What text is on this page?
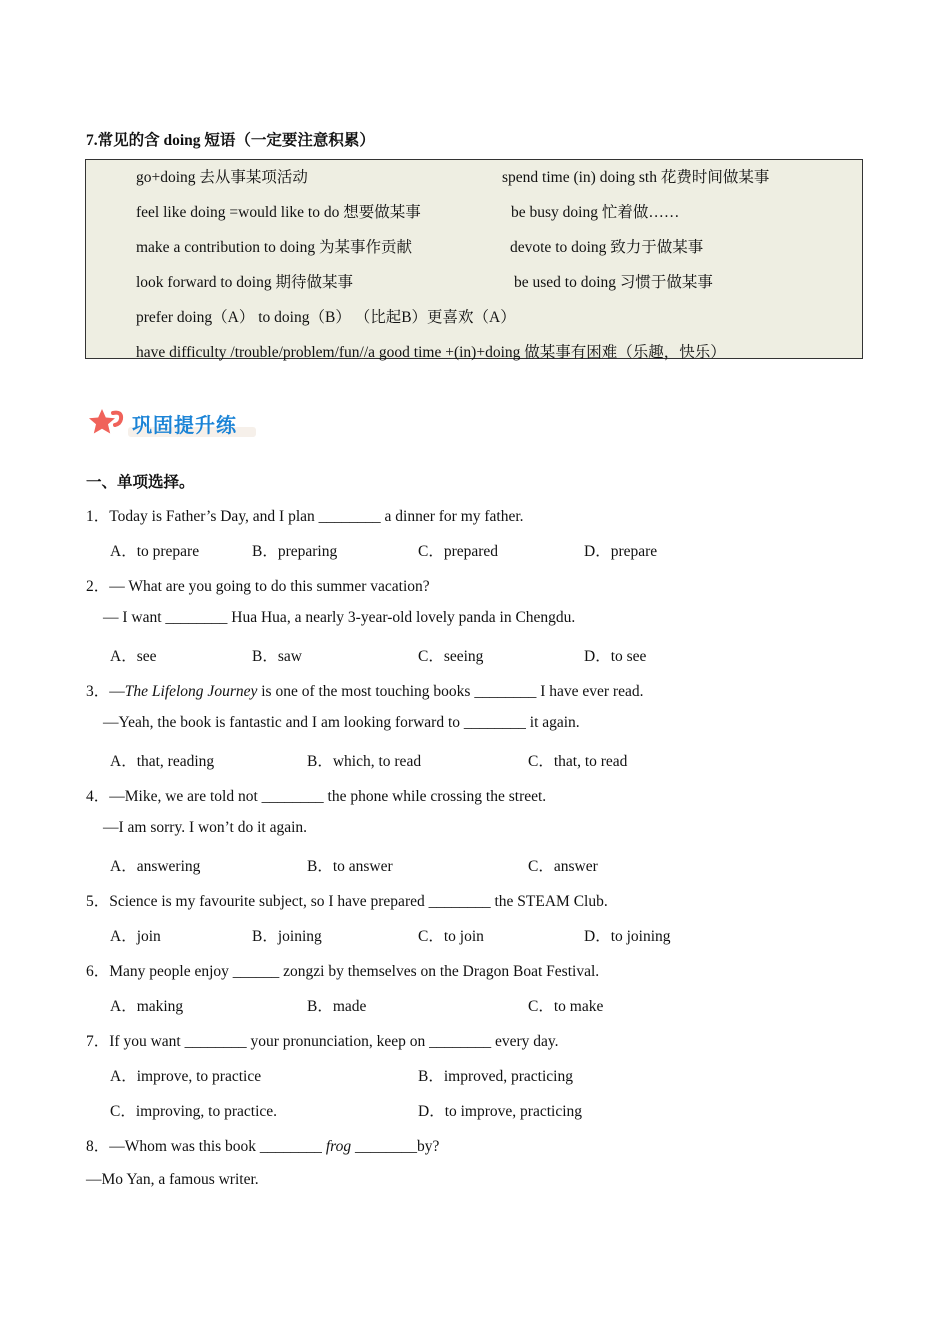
7.常见的含 doing 短语（一定要注意积累）
go+doing 去从事某项活动	spend time (in) doing sth 花费时间做某事
feel like doing =would like to do 想要做某事	be busy doing 忙着做……
make a contribution to doing 为某事作贡献	devote to doing 致力于做某事
look forward to doing 期待做某事	be used to doing 习惯于做某事
prefer doing（A） to doing（B） （比起B）更喜欢（A）
have difficulty /trouble/problem/fun//a good time +(in)+doing 做某事有困难（乐趣，快乐）
巩固提升练
一、单项选择。
1．Today is Father’s Day, and I plan ________ a dinner for my father.
A．to prepare	B．preparing	C．prepared	D．prepare
2．— What are you going to do this summer vacation?
— I want ________ Hua Hua, a nearly 3-year-old lovely panda in Chengdu.
A．see	B．saw	C．seeing	D．to see
3．—The Lifelong Journey is one of the most touching books ________ I have ever read.
—Yeah, the book is fantastic and I am looking forward to ________ it again.
A．that, reading	B．which, to read	C．that, to read
4．—Mike, we are told not ________ the phone while crossing the street.
—I am sorry. I won’t do it again.
A．answering	B．to answer	C．answer
5．Science is my favourite subject, so I have prepared ________ the STEAM Club.
A．join	B．joining	C．to join	D．to joining
6．Many people enjoy ______ zongzi by themselves on the Dragon Boat Festival.
A．making	B．made	C．to make
7．If you want ________ your pronunciation, keep on ________ every day.
A．improve, to practice	B．improved, practicing
C．improving, to practice.	D．to improve, practicing
8．—Whom was this book ________ frog ________by?
—Mo Yan, a famous writer.
